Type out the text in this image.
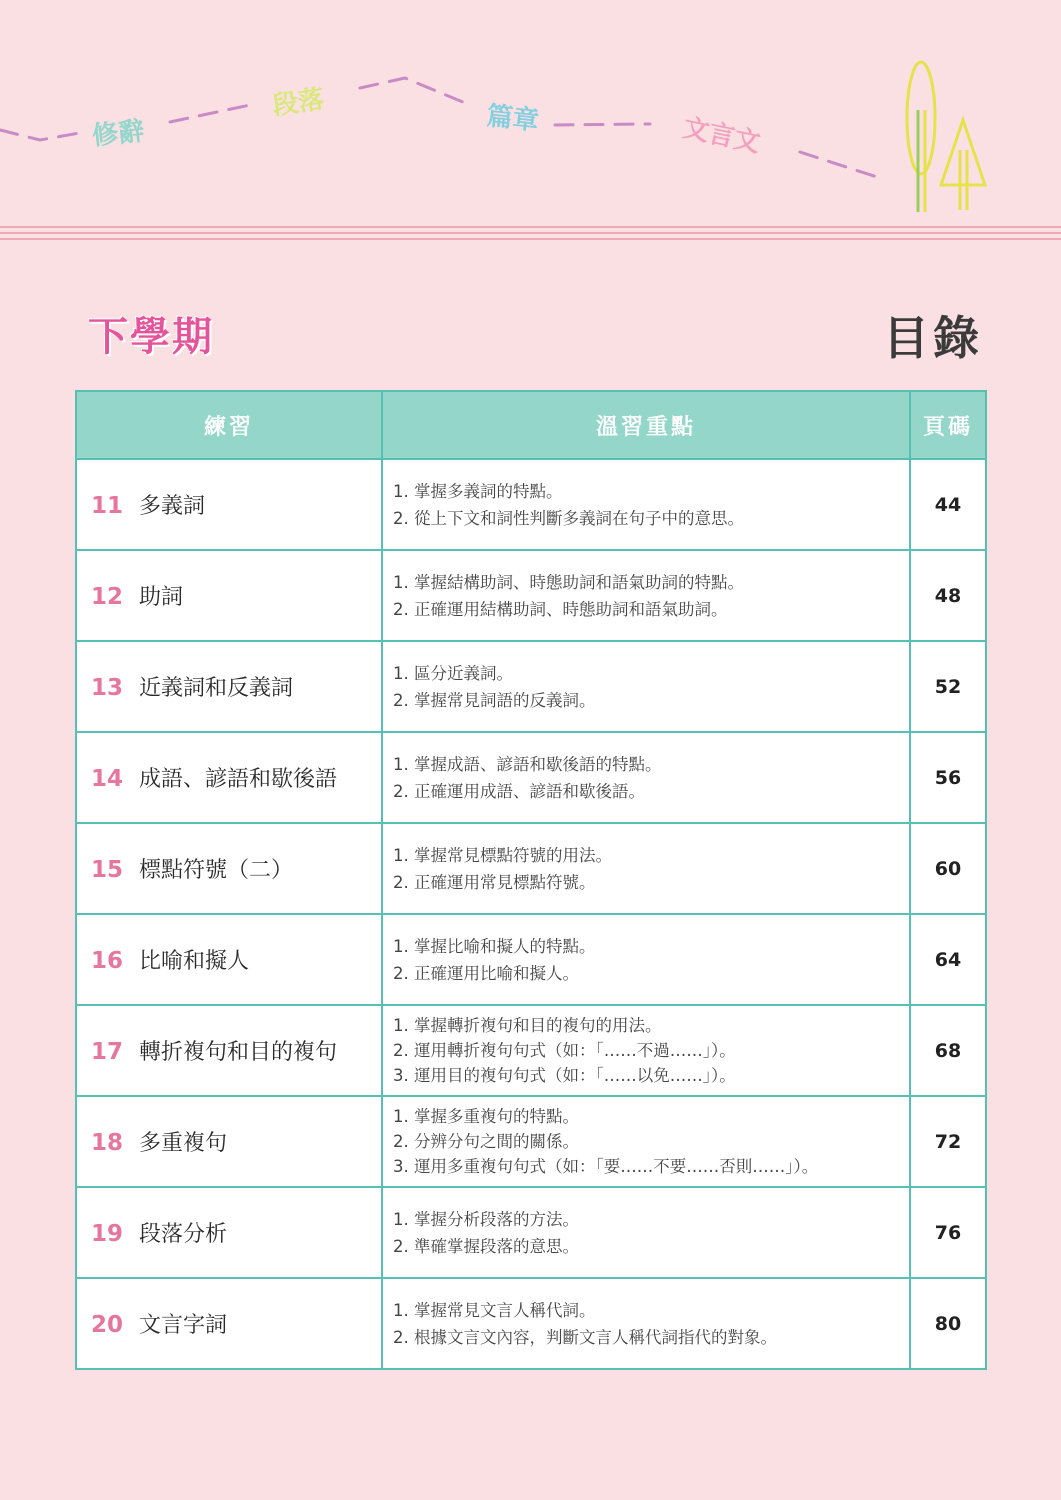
修辭
段落	篇章	文言文
下學期	目錄
練習	溫習重點	頁碼
11 多義詞	1. 掌握多義詞的特點。
2. 從上下文和詞性判斷多義詞在句子中的意思。	44
12 助詞	1. 掌握結構助詞、時態助詞和語氣助詞的特點。
2. 正確運用結構助詞、時態助詞和語氣助詞。	48
13 近義詞和反義詞	1. 區分近義詞。
2. 掌握常見詞語的反義詞。	52
14 成語、諺語和歇後語	1. 掌握成語、諺語和歇後語的特點。
2. 正確運用成語、諺語和歇後語。	56
15 標點符號（二）	1. 掌握常見標點符號的用法。
2. 正確運用常見標點符號。	60
16 比喻和擬人	1. 掌握比喻和擬人的特點。
2. 正確運用比喻和擬人。	64
17 轉折複句和目的複句	1. 掌握轉折複句和目的複句的用法。
2. 運用轉折複句句式（如：「……不過……」）。
3. 運用目的複句句式（如：「……以免……」）。	68
18 多重複句	1. 掌握多重複句的特點。
2. 分辨分句之間的關係。
3. 運用多重複句句式（如：「要……不要……否則……」）。	72
19 段落分析	1. 掌握分析段落的方法。
2. 準確掌握段落的意思。	76
20 文言字詞	1. 掌握常見文言人稱代詞。
2. 根據文言文內容，判斷文言人稱代詞指代的對象。	80
